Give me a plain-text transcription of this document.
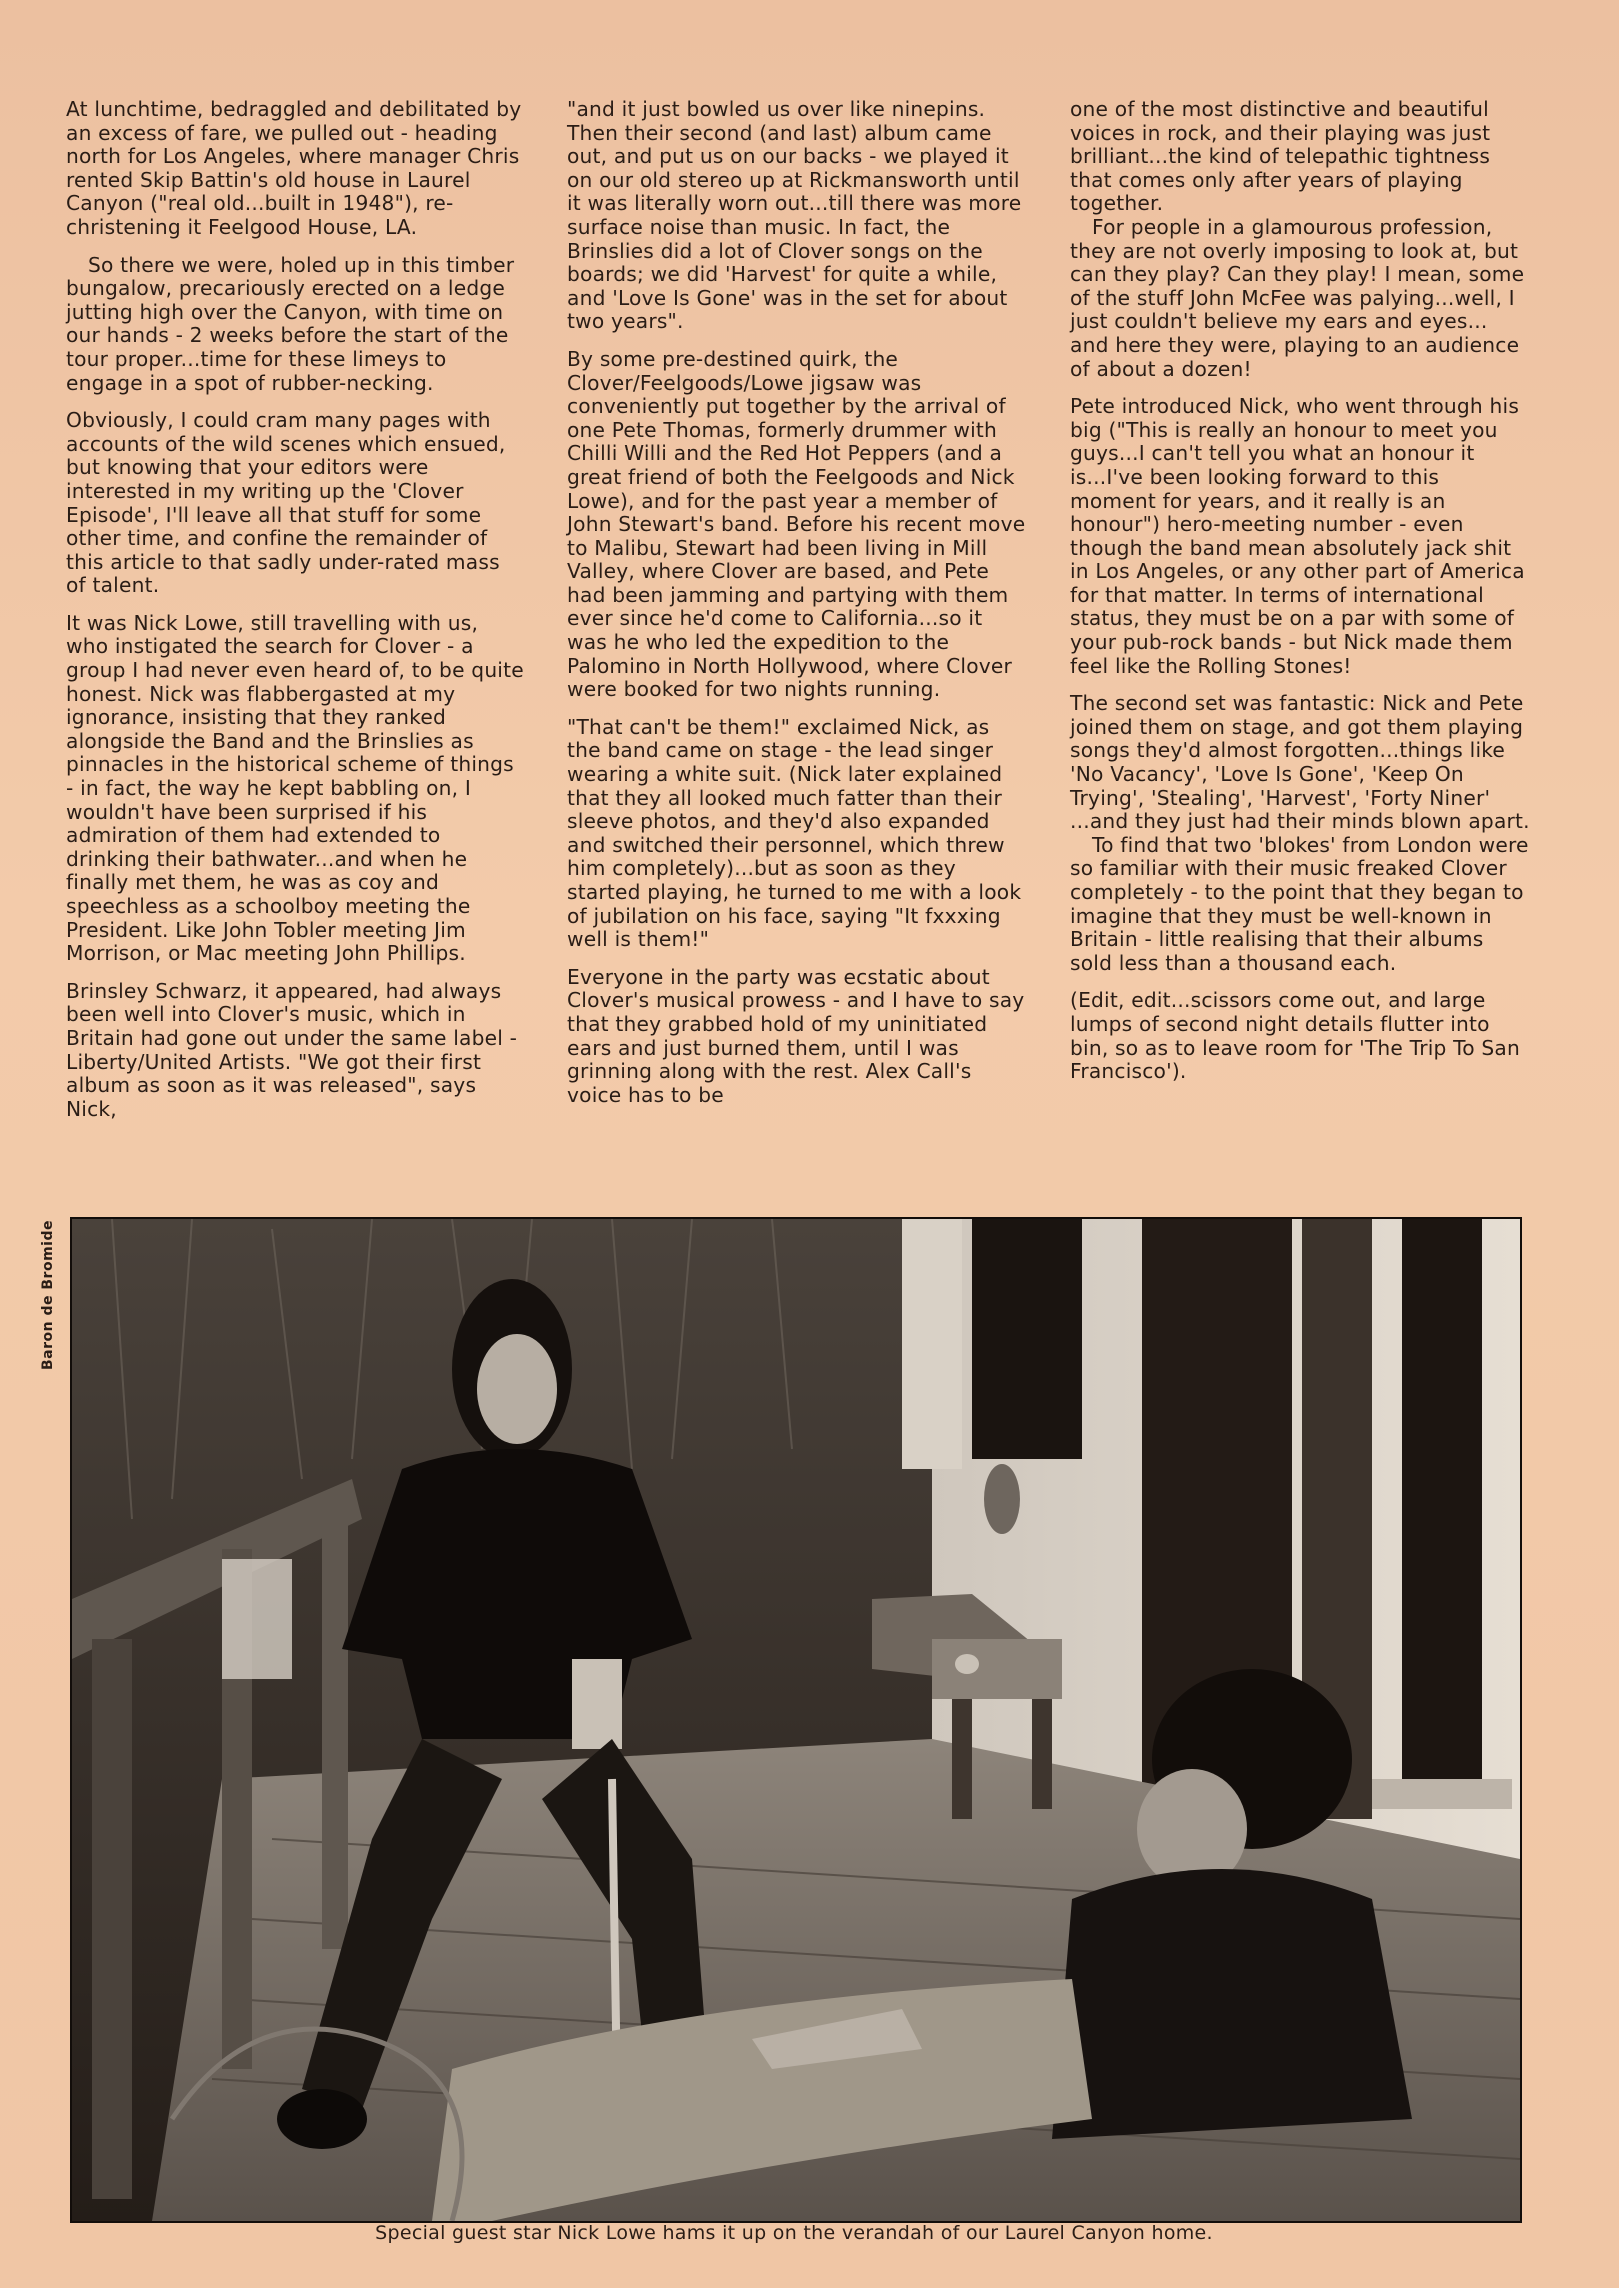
At lunchtime, bedraggled and debilitated by an excess of fare, we pulled out - heading north for Los Angeles, where manager Chris rented Skip Battin's old house in Laurel Canyon ("real old...built in 1948"), re-christening it Feelgood House, LA.

So there we were, holed up in this timber bungalow, precariously erected on a ledge jutting high over the Canyon, with time on our hands - 2 weeks before the start of the tour proper...time for these limeys to engage in a spot of rubber-necking.

Obviously, I could cram many pages with accounts of the wild scenes which ensued, but knowing that your editors were interested in my writing up the 'Clover Episode', I'll leave all that stuff for some other time, and confine the remainder of this article to that sadly under-rated mass of talent.

It was Nick Lowe, still travelling with us, who instigated the search for Clover - a group I had never even heard of, to be quite honest. Nick was flabbergasted at my ignorance, insisting that they ranked alongside the Band and the Brinslies as pinnacles in the historical scheme of things - in fact, the way he kept babbling on, I wouldn't have been surprised if his admiration of them had extended to drinking their bathwater...and when he finally met them, he was as coy and speechless as a schoolboy meeting the President. Like John Tobler meeting Jim Morrison, or Mac meeting John Phillips.

Brinsley Schwarz, it appeared, had always been well into Clover's music, which in Britain had gone out under the same label - Liberty/United Artists. "We got their first album as soon as it was released", says Nick,

"and it just bowled us over like ninepins. Then their second (and last) album came out, and put us on our backs - we played it on our old stereo up at Rickmansworth until it was literally worn out...till there was more surface noise than music. In fact, the Brinslies did a lot of Clover songs on the boards; we did 'Harvest' for quite a while, and 'Love Is Gone' was in the set for about two years".

By some pre-destined quirk, the Clover/Feelgoods/Lowe jigsaw was conveniently put together by the arrival of one Pete Thomas, formerly drummer with Chilli Willi and the Red Hot Peppers (and a great friend of both the Feelgoods and Nick Lowe), and for the past year a member of John Stewart's band. Before his recent move to Malibu, Stewart had been living in Mill Valley, where Clover are based, and Pete had been jamming and partying with them ever since he'd come to California...so it was he who led the expedition to the Palomino in North Hollywood, where Clover were booked for two nights running.

"That can't be them!" exclaimed Nick, as the band came on stage - the lead singer wearing a white suit. (Nick later explained that they all looked much fatter than their sleeve photos, and they'd also expanded and switched their personnel, which threw him completely)...but as soon as they started playing, he turned to me with a look of jubilation on his face, saying "It fxxxing well is them!"

Everyone in the party was ecstatic about Clover's musical prowess - and I have to say that they grabbed hold of my uninitiated ears and just burned them, until I was grinning along with the rest. Alex Call's voice has to be

one of the most distinctive and beautiful voices in rock, and their playing was just brilliant...the kind of telepathic tightness that comes only after years of playing together.

For people in a glamourous profession, they are not overly imposing to look at, but can they play? Can they play! I mean, some of the stuff John McFee was palying...well, I just couldn't believe my ears and eyes... and here they were, playing to an audience of about a dozen!

Pete introduced Nick, who went through his big ("This is really an honour to meet you guys...I can't tell you what an honour it is...I've been looking forward to this moment for years, and it really is an honour") hero-meeting number - even though the band mean absolutely jack shit in Los Angeles, or any other part of America for that matter. In terms of international status, they must be on a par with some of your pub-rock bands - but Nick made them feel like the Rolling Stones!

The second set was fantastic: Nick and Pete joined them on stage, and got them playing songs they'd almost forgotten...things like 'No Vacancy', 'Love Is Gone', 'Keep On Trying', 'Stealing', 'Harvest', 'Forty Niner' ...and they just had their minds blown apart.

To find that two 'blokes' from London were so familiar with their music freaked Clover completely - to the point that they began to imagine that they must be well-known in Britain - little realising that their albums sold less than a thousand each.

(Edit, edit...scissors come out, and large lumps of second night details flutter into bin, so as to leave room for 'The Trip To San Francisco').

Baron de Bromide
Special guest star Nick Lowe hams it up on the verandah of our Laurel Canyon home.
